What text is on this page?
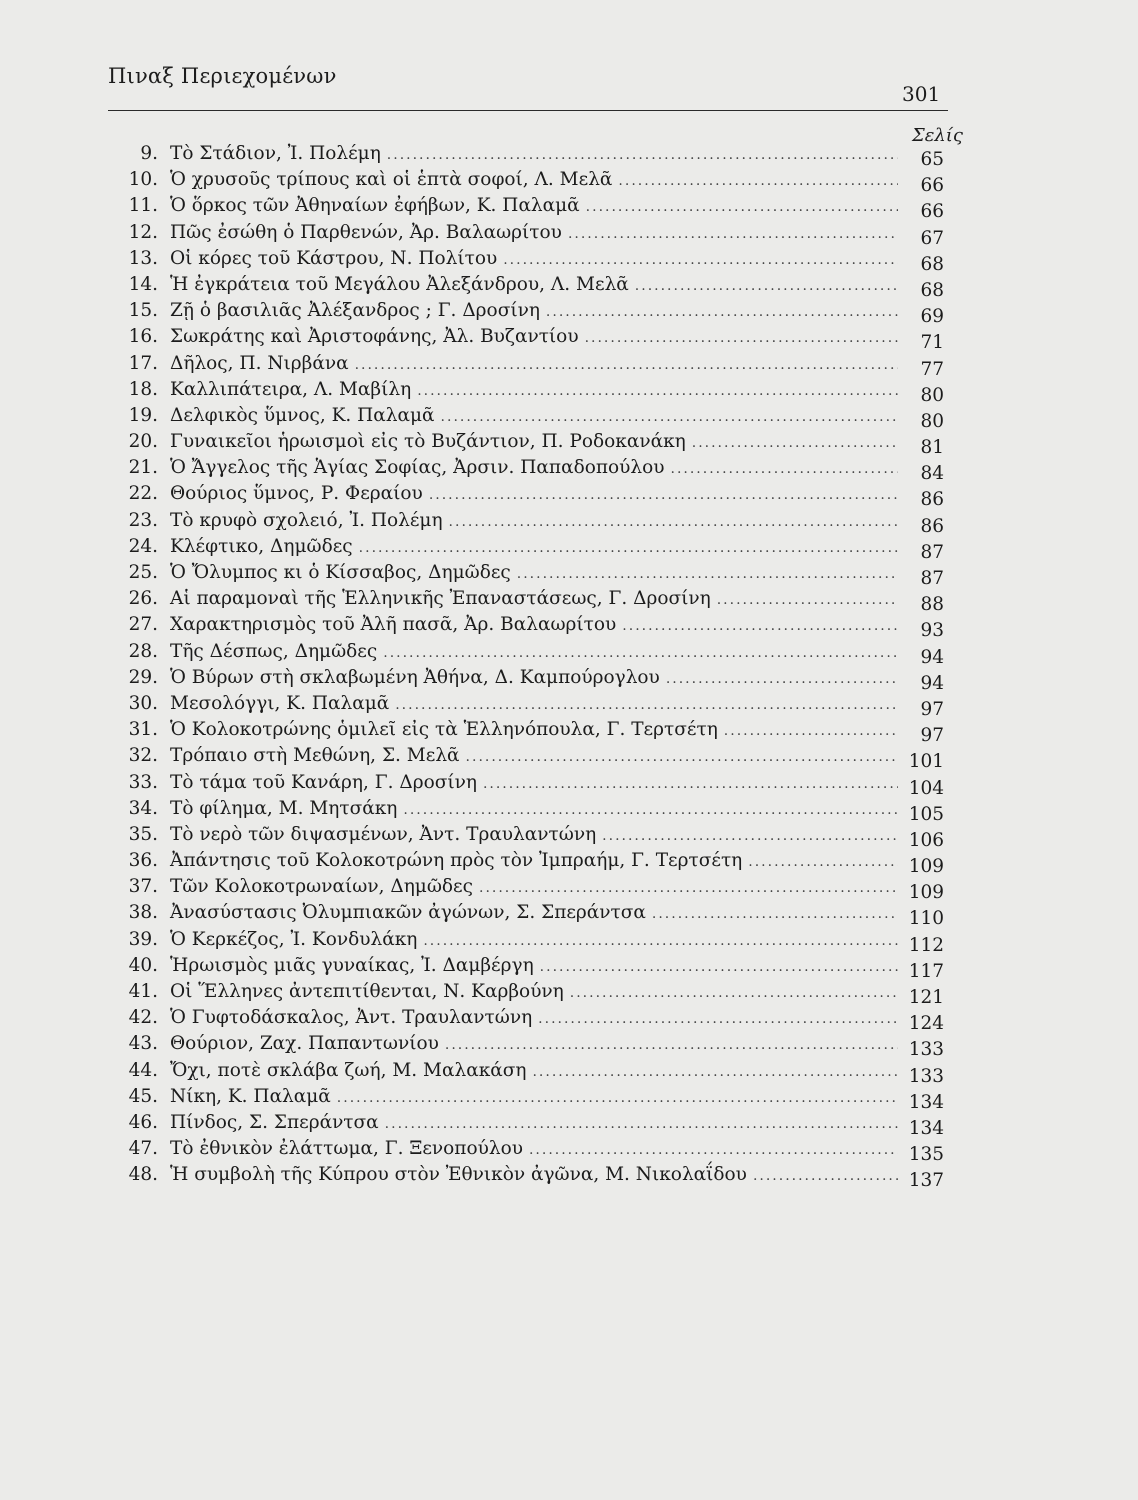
Πιναξ Περιεχομένων
301
Σελίς
9. Τὸ Στάδιον, Ἰ. Πολέμη .....	65
10. Ὁ χρυσοῦς τρίπους καὶ οἱ ἑπτὰ σοφοί, Λ. Μελᾶ .....	66
11. Ὁ ὅρκος τῶν Ἀθηναίων ἐφήβων, Κ. Παλαμᾶ .....	66
12. Πῶς ἐσώθη ὁ Παρθενών, Ἀρ. Βαλαωρίτου .....	67
13. Οἱ κόρες τοῦ Κάστρου, Ν. Πολίτου .....	68
14. Ἡ ἐγκράτεια τοῦ Μεγάλου Ἀλεξάνδρου, Λ. Μελᾶ .....	68
15. Ζῇ ὁ βασιλιᾶς Ἀλέξανδρος ; Γ. Δροσίνη .....	69
16. Σωκράτης καὶ Ἀριστοφάνης, Ἀλ. Βυζαντίου .....	71
17. Δῆλος, Π. Νιρβάνα .....	77
18. Καλλιπάτειρα, Λ. Μαβίλη .....	80
19. Δελφικὸς ὕμνος, Κ. Παλαμᾶ .....	80
20. Γυναικεῖοι ἡρωισμοὶ εἰς τὸ Βυζάντιον, Π. Ροδοκανάκη .....	81
21. Ὁ Ἄγγελος τῆς Ἁγίας Σοφίας, Ἀρσιν. Παπαδοπούλου .....	84
22. Θούριος ὕμνος, Ρ. Φεραίου .....	86
23. Τὸ κρυφὸ σχολειό, Ἰ. Πολέμη .....	86
24. Κλέφτικο, Δημῶδες .....	87
25. Ὁ Ὄλυμπος κι ὁ Κίσσαβος, Δημῶδες .....	87
26. Αἱ παραμοναὶ τῆς Ἑλληνικῆς Ἐπαναστάσεως, Γ. Δροσίνη .....	88
27. Χαρακτηρισμὸς τοῦ Ἀλῆ πασᾶ, Ἀρ. Βαλαωρίτου .....	93
28. Τῆς Δέσπως, Δημῶδες .....	94
29. Ὁ Βύρων στὴ σκλαβωμένη Ἀθήνα, Δ. Καμπούρογλου .....	94
30. Μεσολόγγι, Κ. Παλαμᾶ .....	97
31. Ὁ Κολοκοτρώνης ὁμιλεῖ εἰς τὰ Ἑλληνόπουλα, Γ. Τερτσέτη .....	97
32. Τρόπαιο στὴ Μεθώνη, Σ. Μελᾶ .....	101
33. Τὸ τάμα τοῦ Κανάρη, Γ. Δροσίνη .....	104
34. Τὸ φίλημα, Μ. Μητσάκη .....	105
35. Τὸ νερὸ τῶν διψασμένων, Ἀντ. Τραυλαντώνη .....	106
36. Ἀπάντησις τοῦ Κολοκοτρώνη πρὸς τὸν Ἰμπραήμ, Γ. Τερτσέτη .....	109
37. Τῶν Κολοκοτρωναίων, Δημῶδες .....	109
38. Ἀνασύστασις Ὀλυμπιακῶν ἀγώνων, Σ. Σπεράντσα .....	110
39. Ὁ Κερκέζος, Ἰ. Κονδυλάκη .....	112
40. Ἡρωισμὸς μιᾶς γυναίκας, Ἰ. Δαμβέργη .....	117
41. Οἱ Ἕλληνες ἀντεπιτίθενται, Ν. Καρβούνη .....	121
42. Ὁ Γυφτοδάσκαλος, Ἀντ. Τραυλαντώνη .....	124
43. Θούριον, Ζαχ. Παπαντωνίου .....	133
44. Ὄχι, ποτὲ σκλάβα ζωή, Μ. Μαλακάση .....	133
45. Νίκη, Κ. Παλαμᾶ .....	134
46. Πίνδος, Σ. Σπεράντσα .....	134
47. Τὸ ἐθνικὸν ἐλάττωμα, Γ. Ξενοπούλου .....	135
48. Ἡ συμβολὴ τῆς Κύπρου στὸν Ἐθνικὸν ἀγῶνα, Μ. Νικολαΐδου .....	137
